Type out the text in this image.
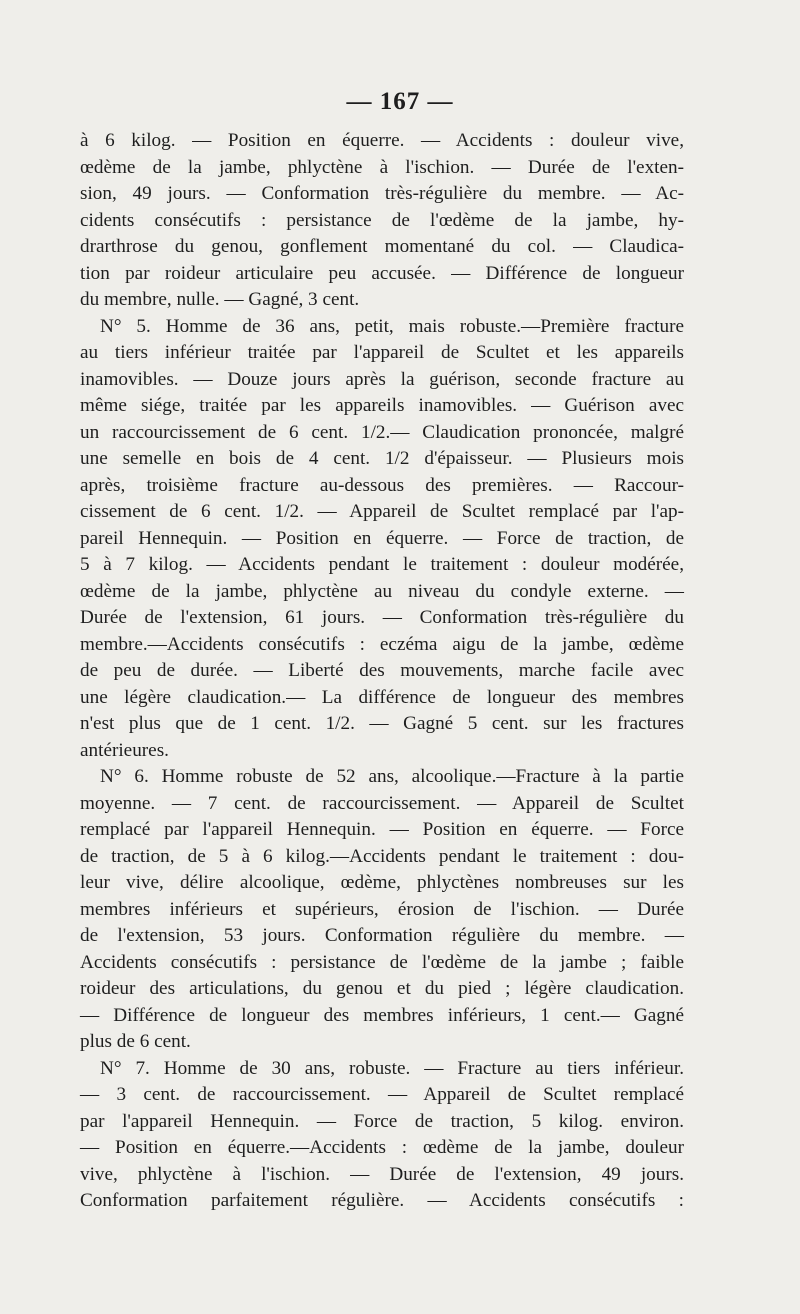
— 167 —
à 6 kilog. — Position en équerre. — Accidents : douleur vive,
œdème de la jambe, phlyctène à l'ischion. — Durée de l'exten-
sion, 49 jours. — Conformation très-régulière du membre. — Ac-
cidents consécutifs : persistance de l'œdème de la jambe, hy-
drarthrose du genou, gonflement momentané du col. — Claudica-
tion par roideur articulaire peu accusée. — Différence de longueur
du membre, nulle. — Gagné, 3 cent.
N° 5. Homme de 36 ans, petit, mais robuste.—Première fracture
au tiers inférieur traitée par l'appareil de Scultet et les appareils
inamovibles. — Douze jours après la guérison, seconde fracture au
même siége, traitée par les appareils inamovibles. — Guérison avec
un raccourcissement de 6 cent. 1/2.— Claudication prononcée, malgré
une semelle en bois de 4 cent. 1/2 d'épaisseur. — Plusieurs mois
après, troisième fracture au-dessous des premières. — Raccour-
cissement de 6 cent. 1/2. — Appareil de Scultet remplacé par l'ap-
pareil Hennequin. — Position en équerre. — Force de traction, de
5 à 7 kilog. — Accidents pendant le traitement : douleur modérée,
œdème de la jambe, phlyctène au niveau du condyle externe. —
Durée de l'extension, 61 jours. — Conformation très-régulière du
membre.—Accidents consécutifs : eczéma aigu de la jambe, œdème
de peu de durée. — Liberté des mouvements, marche facile avec
une légère claudication.— La différence de longueur des membres
n'est plus que de 1 cent. 1/2. — Gagné 5 cent. sur les fractures
antérieures.
N° 6. Homme robuste de 52 ans, alcoolique.—Fracture à la partie
moyenne. — 7 cent. de raccourcissement. — Appareil de Scultet
remplacé par l'appareil Hennequin. — Position en équerre. — Force
de traction, de 5 à 6 kilog.—Accidents pendant le traitement : dou-
leur vive, délire alcoolique, œdème, phlyctènes nombreuses sur les
membres inférieurs et supérieurs, érosion de l'ischion. — Durée
de l'extension, 53 jours. Conformation régulière du membre. —
Accidents consécutifs : persistance de l'œdème de la jambe ; faible
roideur des articulations, du genou et du pied ; légère claudication.
— Différence de longueur des membres inférieurs, 1 cent.— Gagné
plus de 6 cent.
N° 7. Homme de 30 ans, robuste. — Fracture au tiers inférieur.
— 3 cent. de raccourcissement. — Appareil de Scultet remplacé
par l'appareil Hennequin. — Force de traction, 5 kilog. environ.
— Position en équerre.—Accidents : œdème de la jambe, douleur
vive, phlyctène à l'ischion. — Durée de l'extension, 49 jours.
Conformation parfaitement régulière. — Accidents consécutifs :
